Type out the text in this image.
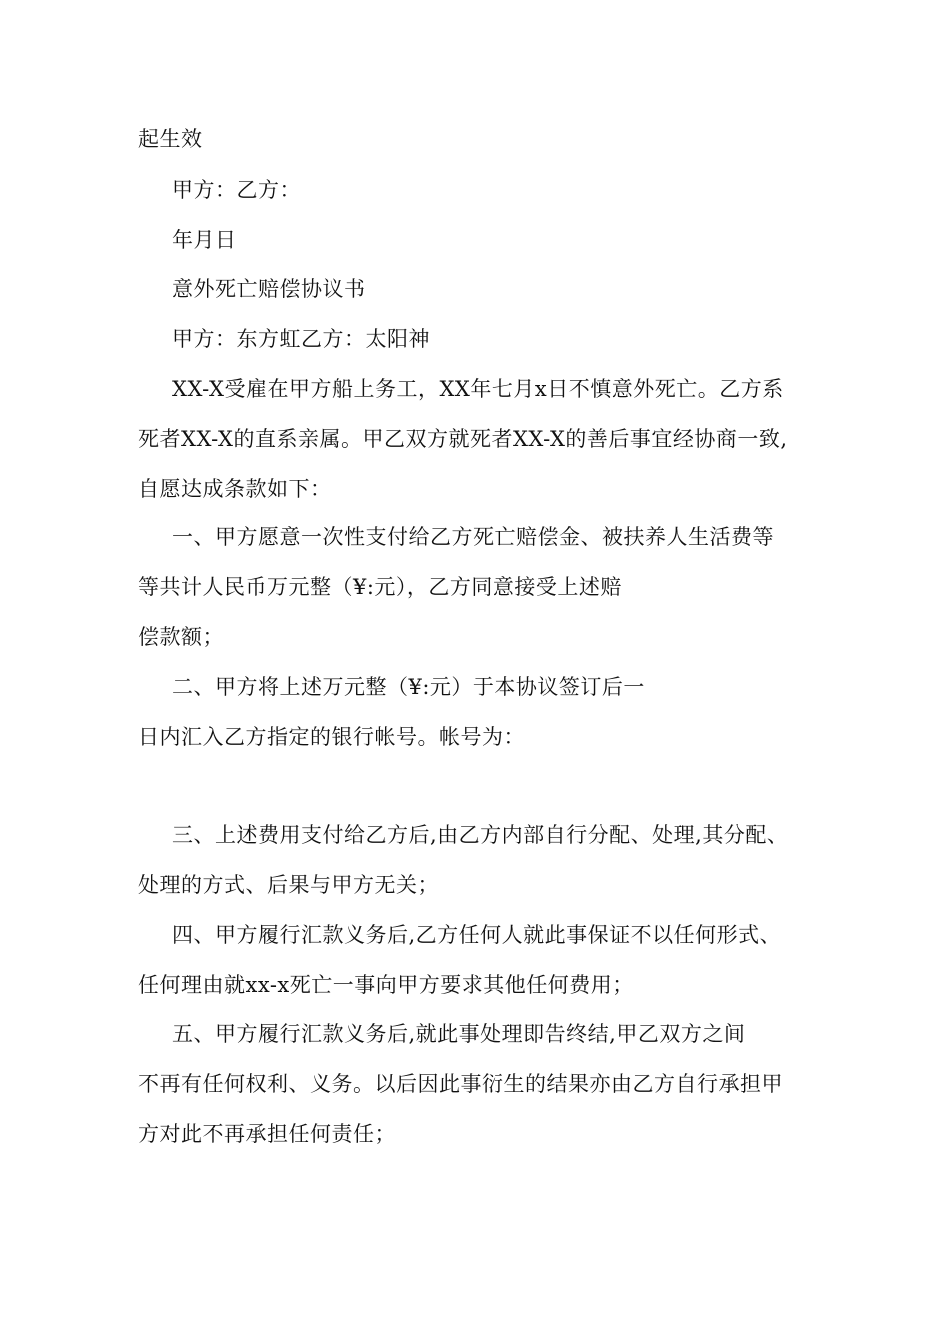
起生效
甲方：乙方：
年月日
意外死亡赔偿协议书
甲方：东方虹乙方：太阳神
XX-X受雇在甲方船上务工，XX年七月x日不慎意外死亡。乙方系
死者XX-X的直系亲属。甲乙双方就死者XX-X的善后事宜经协商一致,
自愿达成条款如下：
一、甲方愿意一次性支付给乙方死亡赔偿金、被扶养人生活费等
等共计人民币万元整（¥:元），乙方同意接受上述赔
偿款额；
二、甲方将上述万元整（¥:元）于本协议签订后一
日内汇入乙方指定的银行帐号。帐号为：
三、上述费用支付给乙方后,由乙方内部自行分配、处理,其分配、
处理的方式、后果与甲方无关；
四、甲方履行汇款义务后,乙方任何人就此事保证不以任何形式、
任何理由就xx-x死亡一事向甲方要求其他任何费用；
五、甲方履行汇款义务后,就此事处理即告终结,甲乙双方之间
不再有任何权利、义务。以后因此事衍生的结果亦由乙方自行承担甲
方对此不再承担任何责任；
